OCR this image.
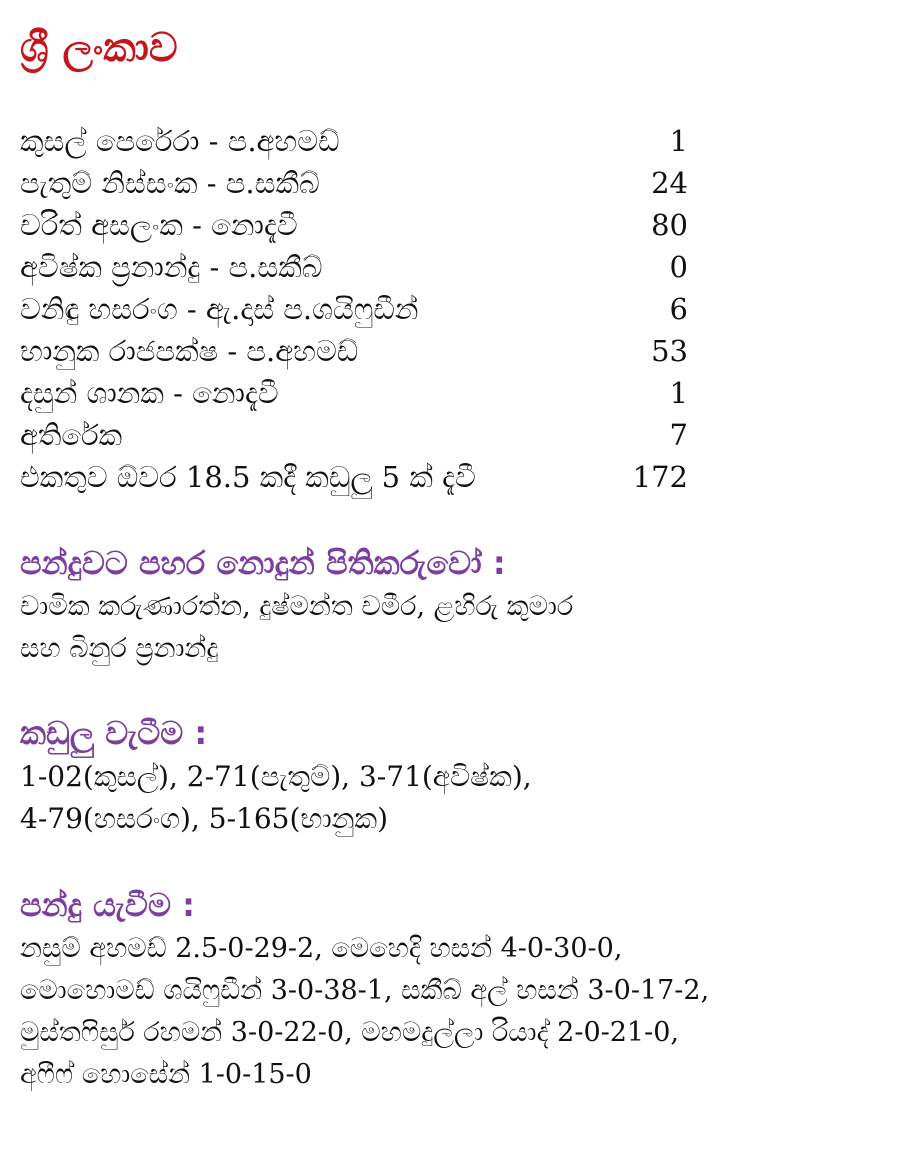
ශ්‍රී ලංකාව
කුසල් පෙරේරා - ප.අහමඩ්	1
පැතුම් නිස්සංක - ප.සකීබ්	24
චරිත් අසලංක - නොදැවී	80
අවිෂ්ක ප්‍රනාන්දු - ප.සකීබ්	0
වනිඳු හසරංග - ඇ.දාස් ප.ශයිෆුඩීන්	6
භානුක රාජපක්ෂ - ප.අහමඩ්	53
දසුන් ශානක - නොදැවී	1
අතිරේක	7
එකතුව ඕවර 18.5 කදී කඩුලු 5 ක් දැවී	172
පන්දුවට පහර නොදුන් පිතිකරුවෝ :

චාමික කරුණාරත්න, දුෂ්මන්ත චමීර, ළහිරු කුමාර
සහ බිනුර ප්‍රනාන්දු

කඩුලු වැටීම :

1-02(කුසල්), 2-71(පැතුම්), 3-71(අවිෂ්ක),
4-79(හසරංග), 5-165(භානුක)

පන්දු යැවීම :

නසුම් අහමඩ් 2.5-0-29-2, මෙහෙදි හසන් 4-0-30-0,
මොහොමඩ් ශයිෆුඩීන් 3-0-38-1, සකීබ් අල් හසන් 3-0-17-2,
මුස්තෆිසුර් රහමන් 3-0-22-0, මහමදුල්ලා රියාද් 2-0-21-0,
අෆීෆ් හොසේන් 1-0-15-0
